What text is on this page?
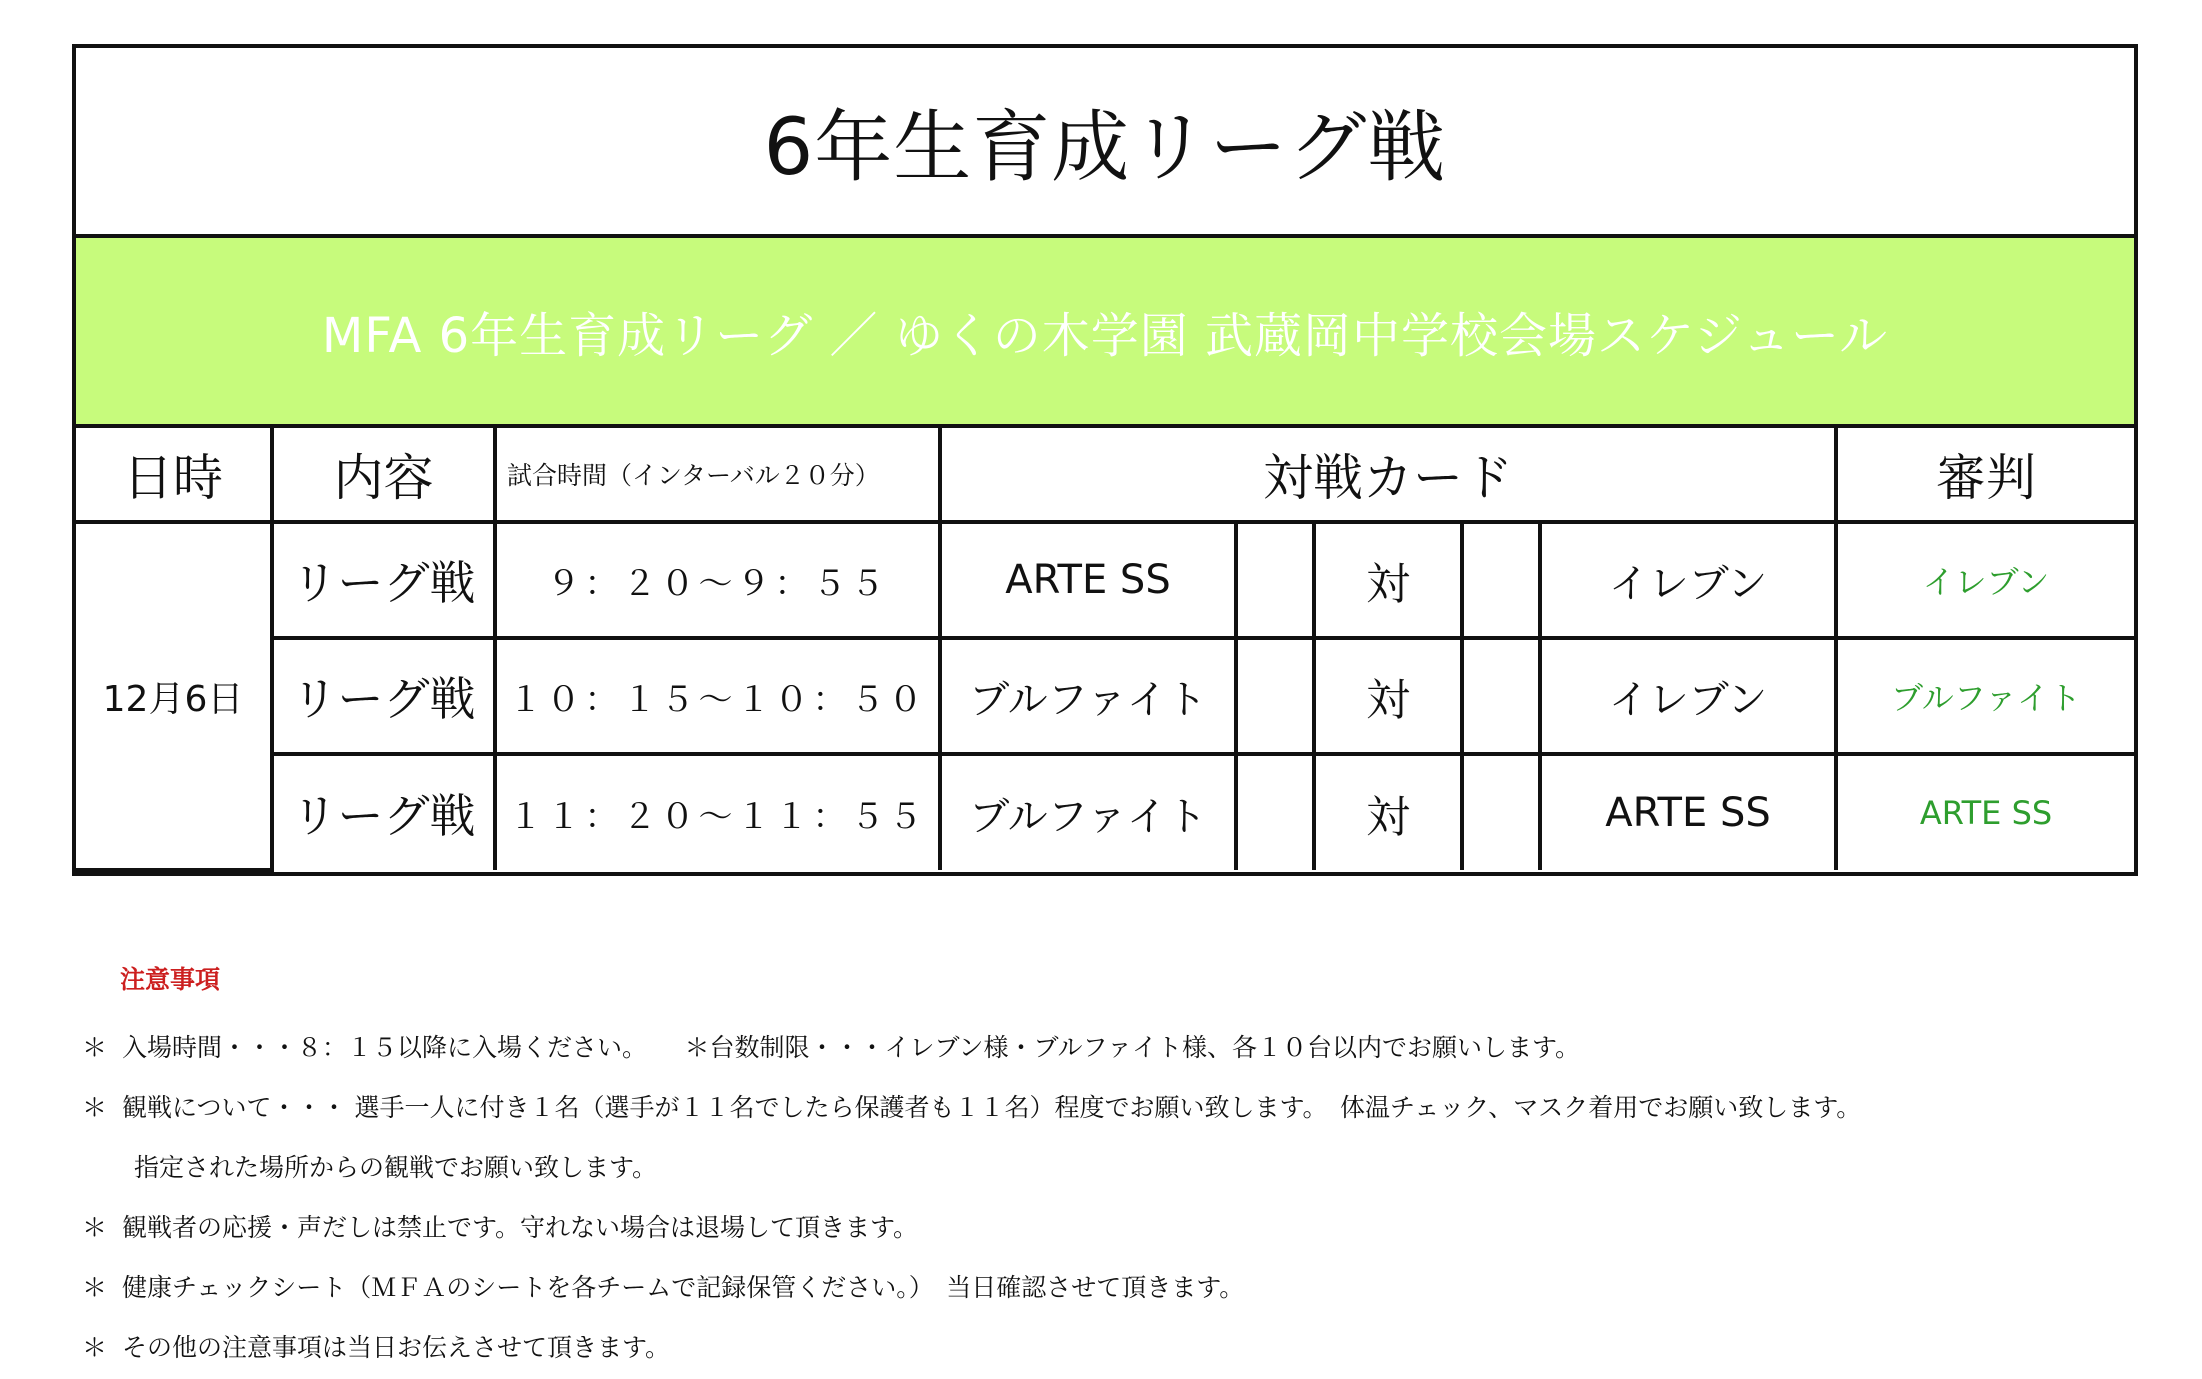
6年生育成リーグ戦
MFA 6年生育成リーグ ／ ゆくの木学園 武蔵岡中学校会場スケジュール
日時	内容	試合時間（インターバル２０分）	対戦カード					審判
12月6日	リーグ戦	９：２０～９：５５	ARTE SS		対		イレブン	イレブン
	リーグ戦	１０：１５～１０：５０	ブルファイト		対		イレブン	ブルファイト
	リーグ戦	１１：２０～１１：５５	ブルファイト		対		ARTE SS	ARTE SS
注意事項
＊ 入場時間・・・８：１５以降に入場ください。　　＊台数制限・・・イレブン様・ブルファイト様、各１０台以内でお願いします。
＊ 観戦について・・・ 選手一人に付き１名（選手が１１名でしたら保護者も１１名）程度でお願い致します。　体温チェック、マスク着用でお願い致します。
指定された場所からの観戦でお願い致します。
＊ 観戦者の応援・声だしは禁止です。守れない場合は退場して頂きます。
＊ 健康チェックシート（ＭＦＡのシートを各チームで記録保管ください。）　当日確認させて頂きます。
＊ その他の注意事項は当日お伝えさせて頂きます。
